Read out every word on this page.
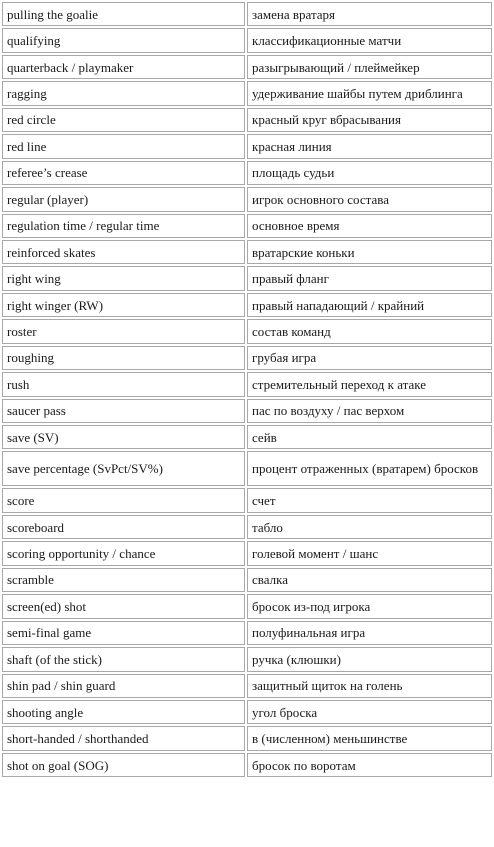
pulling the goalie	замена вратаря
qualifying	классификационные матчи
quarterback / playmaker	разыгрывающий / плеймейкер
ragging	удерживание шайбы путем дриблинга
red circle	красный круг вбрасывания
red line	красная линия
referee’s crease	площадь судьи
regular (player)	игрок основного состава
regulation time / regular time	основное время
reinforced skates	вратарские коньки
right wing	правый фланг
right winger (RW)	правый нападающий / крайний
roster	состав команд
roughing	грубая игра
rush	стремительный переход к атаке
saucer pass	пас по воздуху / пас верхом
save (SV)	сейв
save percentage (SvPct/SV%)	процент отраженных (вратарем) бросков
score	счет
scoreboard	табло
scoring opportunity / chance	голевой момент / шанс
scramble	свалка
screen(ed) shot	бросок из-под игрока
semi-final game	полуфинальная игра
shaft (of the stick)	ручка (клюшки)
shin pad / shin guard	защитный щиток на голень
shooting angle	угол броска
short-handed / shorthanded	в (численном) меньшинстве
shot on goal (SOG)	бросок по воротам
